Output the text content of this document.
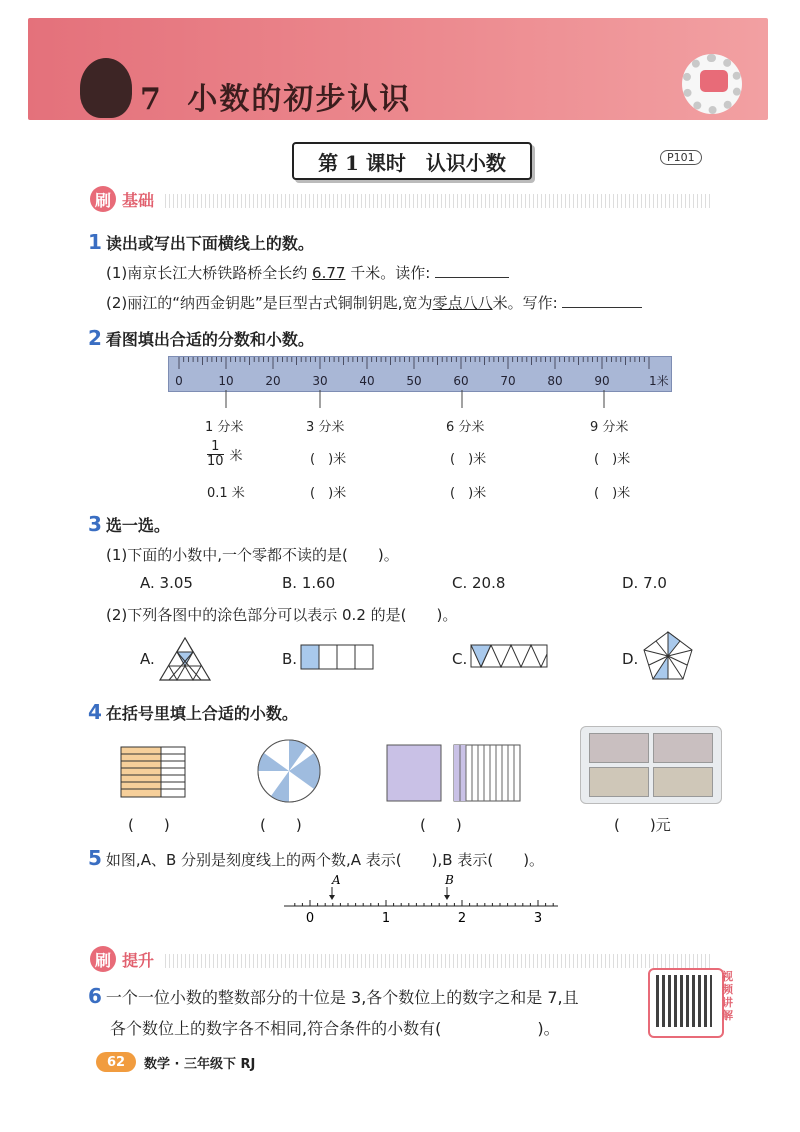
7 小数的初步认识
第 1 课时　认识小数	P101
刷 基础
1 读出或写出下面横线上的数。
(1)南京长江大桥铁路桥全长约 6.77 千米。读作:
(2)丽江的“纳西金钥匙”是巨型古式铜制钥匙,宽为零点八八米。写作:
2 看图填出合适的分数和小数。
0	10	20	30	40	50	60	70	80	90	1米
1 分米	3 分米	6 分米	9 分米
$\frac{1}{10}$ 米	(　)米	(　)米	(　)米
0.1 米	(　)米	(　)米	(　)米
3 选一选。
(1)下面的小数中,一个零都不读的是(　　)。
A. 3.05	B. 1.60	C. 20.8	D. 7.0
(2)下列各图中的涂色部分可以表示 0.2 的是(　　)。
A.	B.	C.	D.
4 在括号里填上合适的小数。
(　　)	(　　)	(　　)	(　　)元
5 如图,A、B 分别是刻度线上的两个数,A 表示(　　),B 表示(　　)。
0	1	2	3
A	B
刷 提升
6 一个一位小数的整数部分的十位是 3,各个数位上的数字之和是 7,且
各个数位上的数字各不相同,符合条件的小数有(　　　　　　)。
视频讲解
62	数学 · 三年级下 RJ
